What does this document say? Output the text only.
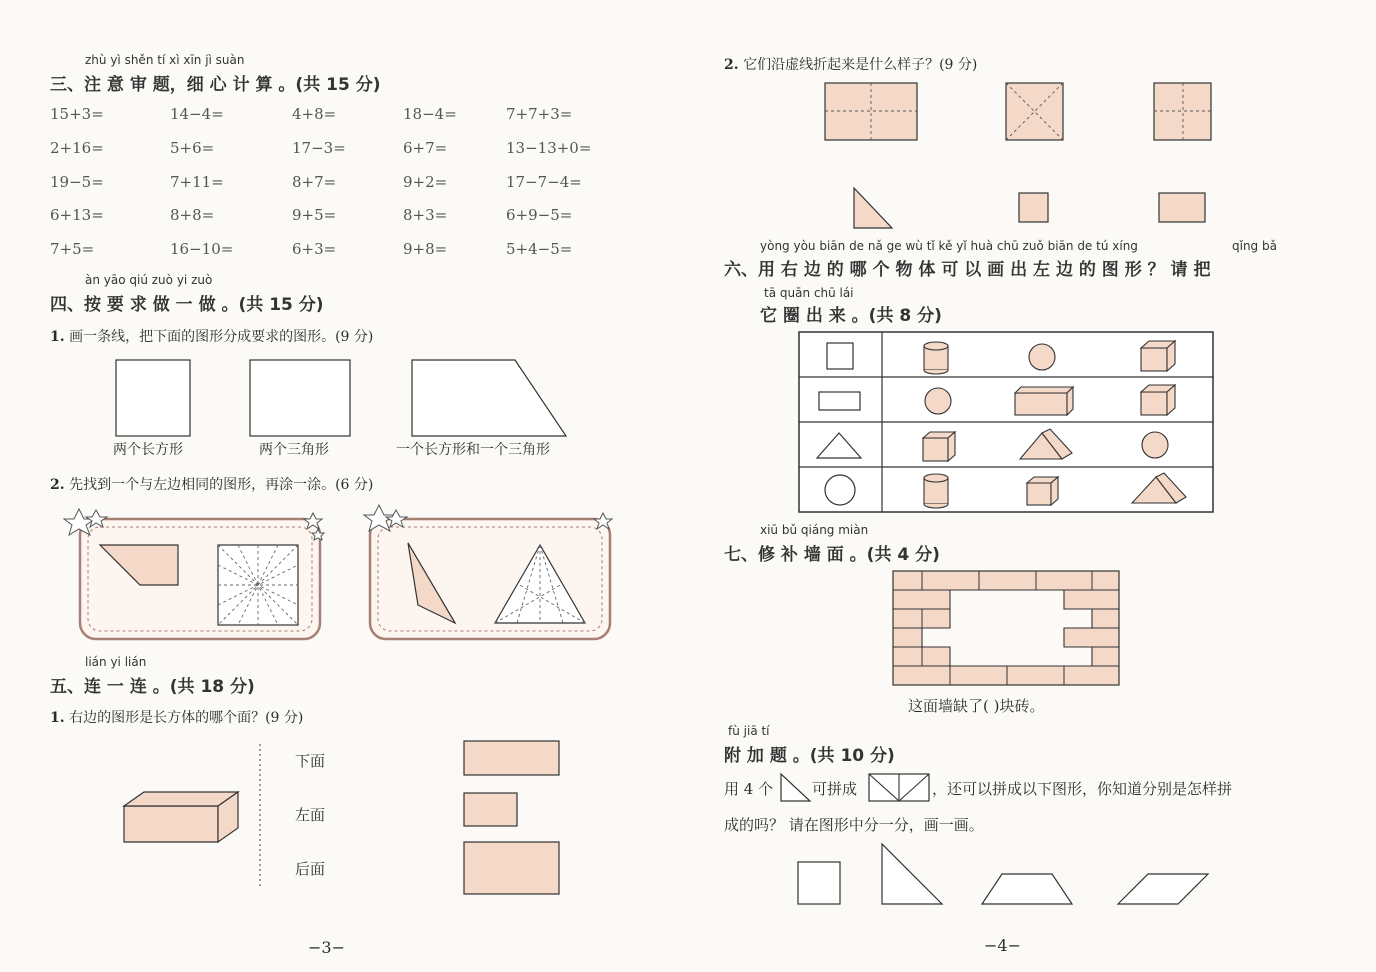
zhù yì shěn tí xì xīn jì suàn
三、注 意 审 题，细 心 计 算 。(共 15 分)
15+3=	14−4=	4+8=	18−4=	7+7+3=
2+16=	5+6=	17−3=	6+7=	13−13+0=
19−5=	7+11=	8+7=	9+2=	17−7−4=
6+13=	8+8=	9+5=	8+3=	6+9−5=
7+5=	16−10=	6+3=	9+8=	5+4−5=
àn yāo qiú zuò yi zuò
四、按 要 求 做 一 做 。(共 15 分)
1. 画一条线，把下面的图形分成要求的图形。(9 分)
两个长方形	两个三角形	一个长方形和一个三角形
2. 先找到一个与左边相同的图形，再涂一涂。(6 分)
lián yi lián
五、连 一 连 。(共 18 分)
1. 右边的图形是长方体的哪个面？(9 分)
下面
左面
后面
−3−
2. 它们沿虚线折起来是什么样子？(9 分)
yòng yòu biān de nǎ ge wù tǐ kě yǐ huà chū zuǒ biān de tú xíng	qǐng bǎ
六、用 右 边 的 哪 个 物 体 可 以 画 出 左 边 的 图 形 ？ 请 把
tā quān chū lái
它 圈 出 来 。(共 8 分)
xiū bǔ qiáng miàn
七、修 补 墙 面 。(共 4 分)
这面墙缺了( )块砖。
fù jiā tí
附 加 题 。(共 10 分)
用 4 个	可拼成	，还可以拼成以下图形，你知道分别是怎样拼
成的吗？ 请在图形中分一分，画一画。
−4−
